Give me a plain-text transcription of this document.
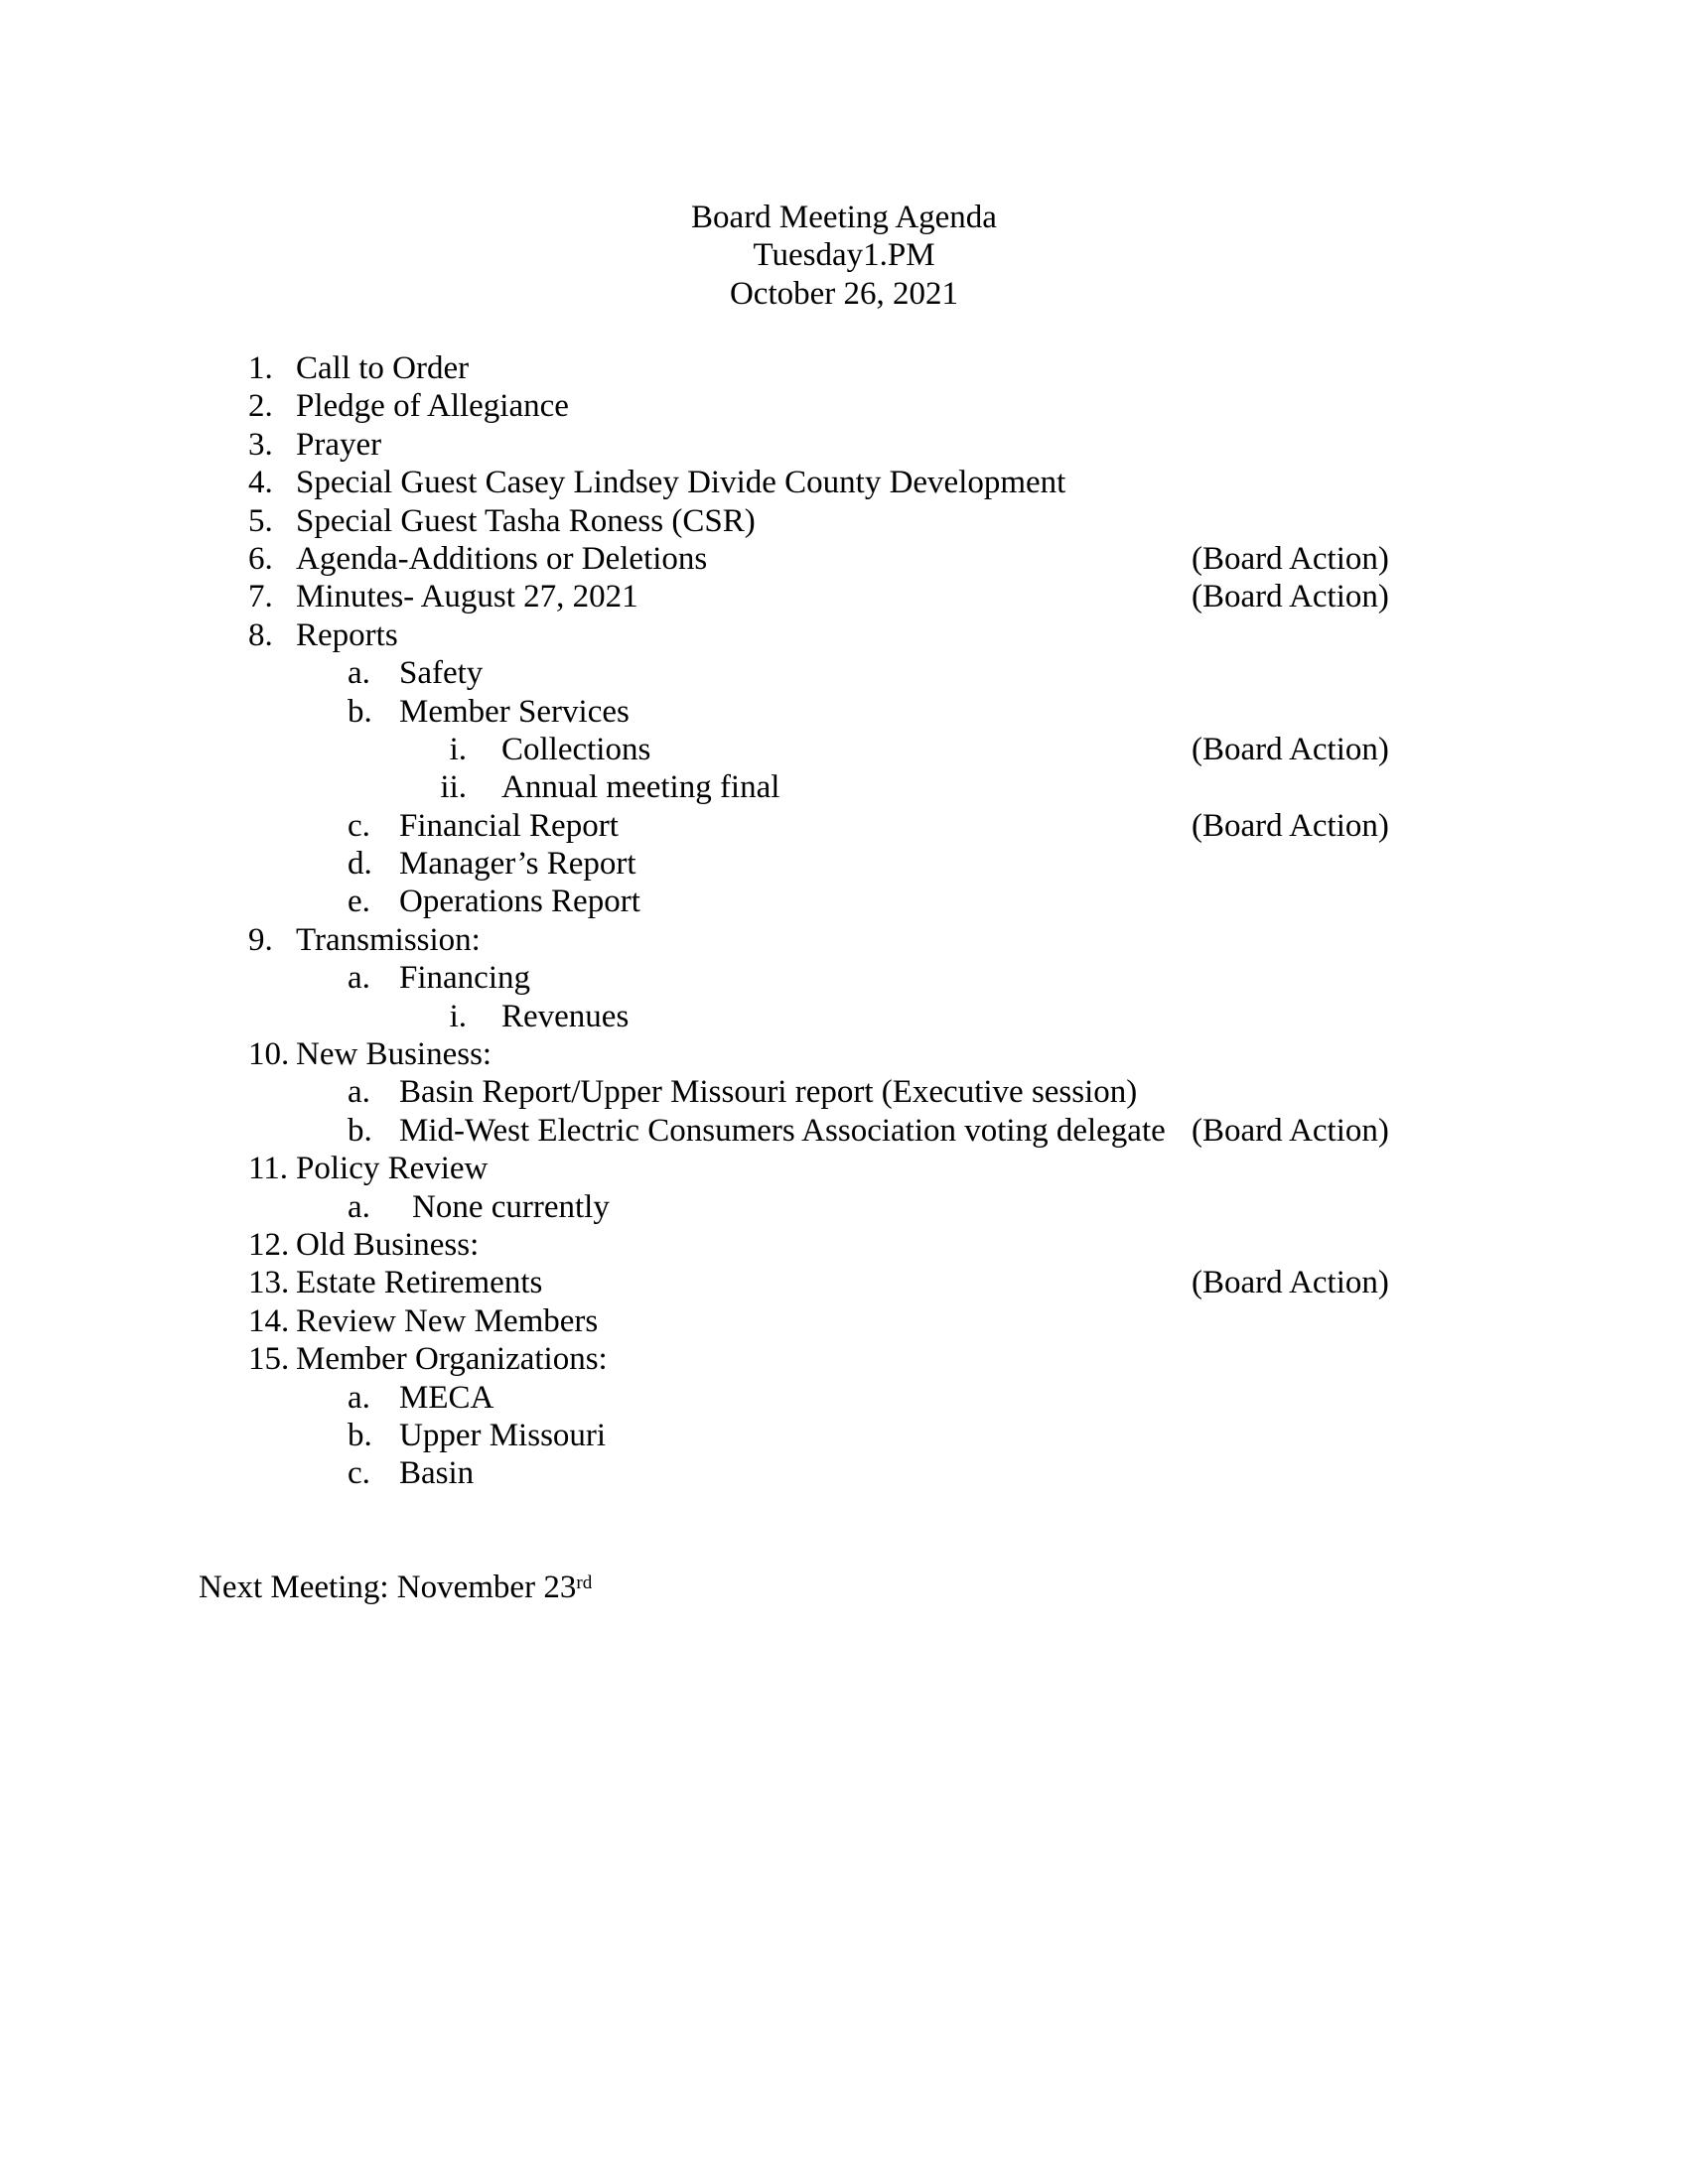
Board Meeting Agenda
Tuesday1.PM
October 26, 2021
1. Call to Order
2. Pledge of Allegiance
3. Prayer
4. Special Guest Casey Lindsey Divide County Development
5. Special Guest Tasha Roness (CSR)
6. Agenda-Additions or Deletions	(Board Action)
7. Minutes- August 27, 2021	(Board Action)
8. Reports
a. Safety
b. Member Services
i. Collections	(Board Action)
ii. Annual meeting final
c. Financial Report	(Board Action)
d. Manager’s Report
e. Operations Report
9. Transmission:
a. Financing
i. Revenues
10. New Business:
a. Basin Report/Upper Missouri report (Executive session)
b. Mid-West Electric Consumers Association voting delegate (Board Action)
11. Policy Review
a.	None currently
12. Old Business:
13. Estate Retirements	(Board Action)
14. Review New Members
15. Member Organizations:
a. MECA
b. Upper Missouri
c. Basin
Next Meeting: November 23rd
